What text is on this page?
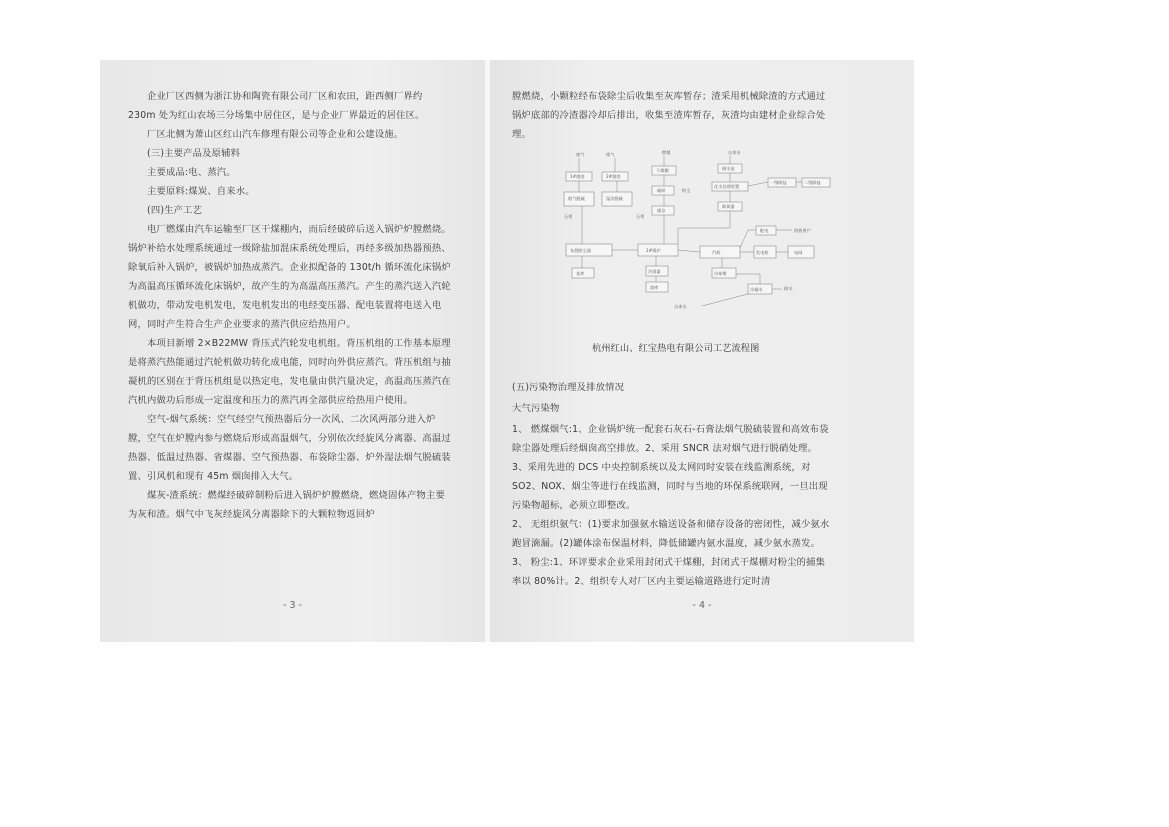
企业厂区西侧为浙江协和陶瓷有限公司厂区和农田，距西侧厂界约 230m 处为红山农场三分场集中居住区，是与企业厂界最近的居住区。

厂区北侧为萧山区红山汽车修理有限公司等企业和公建设施。

(三)主要产品及原辅料

主要成品:电、蒸汽。

主要原料:煤炭、自来水。

(四)生产工艺

电厂燃煤由汽车运输至厂区干煤棚内，而后经破碎后送入锅炉炉膛燃烧。锅炉补给水处理系统通过一级除盐加混床系统处理后，再经多级加热器预热、除氧后补入锅炉，被锅炉加热成蒸汽。企业拟配备的 130t/h 循环流化床锅炉为高温高压循环流化床锅炉，故产生的为高温高压蒸汽。产生的蒸汽送入汽轮机做功，带动发电机发电，发电机发出的电经变压器、配电装置将电送入电网，同时产生符合生产企业要求的蒸汽供应给热用户。

本项目新增 2×B22MW 背压式汽轮发电机组。背压机组的工作基本原理是将蒸汽热能通过汽轮机做功转化成电能，同时向外供应蒸汽。背压机组与抽凝机的区别在于背压机组是以热定电，发电量由供汽量决定，高温高压蒸汽在汽机内做功后形成一定温度和压力的蒸汽再全部供应给热用户使用。

空气-烟气系统：空气经空气预热器后分一次风、二次风两部分进入炉膛，空气在炉膛内参与燃烧后形成高温烟气，分别依次经旋风分离器、高温过热器、低温过热器、省煤器、空气预热器、布袋除尘器、炉外湿法烟气脱硫装置、引风机和现有 45m 烟囱排入大气。

煤灰-渣系统：燃煤经破碎制粉后进入锅炉炉膛燃烧，燃烧固体产物主要为灰和渣。烟气中飞灰经旋风分离器除下的大颗粒物返回炉

- 3 -

膛燃烧，小颗粒经布袋除尘后收集至灰库暂存；渣采用机械除渣的方式通过锅炉底部的冷渣器冷却后排出，收集至渣库暂存，灰渣均由建材企业综合处理。

废气	废气	燃煤	自来水
1#烟囱	2#烟囱
干煤棚	储水池
烟气脱硫	湿法脱硫
破碎
化水处理装置
粉尘
石膏	石膏
煤仓
除氧器
一级除盐	二级除盐
布袋除尘器	1#锅炉	汽机	发电机
配电	供热用户
电网
灰库	冷渣器
渣库
冷却塔
冷凝水
自来水
排水
杭州红山、红宝热电有限公司工艺流程图

(五)污染物治理及排放情况

大气污染物

1、 燃煤烟气:1、企业锅炉统一配套石灰石-石膏法烟气脱硫装置和高效布袋除尘器处理后经烟囱高空排放。2、采用 SNCR 法对烟气进行脱硝处理。3、采用先进的 DCS 中央控制系统以及太网同时安装在线监测系统，对 SO2、NOX、烟尘等进行在线监测，同时与当地的环保系统联网，一旦出现污染物超标，必须立即整改。

2、 无组织氨气：(1)要求加强氨水输送设备和储存设备的密闭性，减少氨水跑冒滴漏。(2)罐体涂布保温材料，降低储罐内氨水温度，减少氨水蒸发。

3、 粉尘:1、环评要求企业采用封闭式干煤棚，封闭式干煤棚对粉尘的捕集率以 80%计。2、组织专人对厂区内主要运输道路进行定时清

- 4 -
